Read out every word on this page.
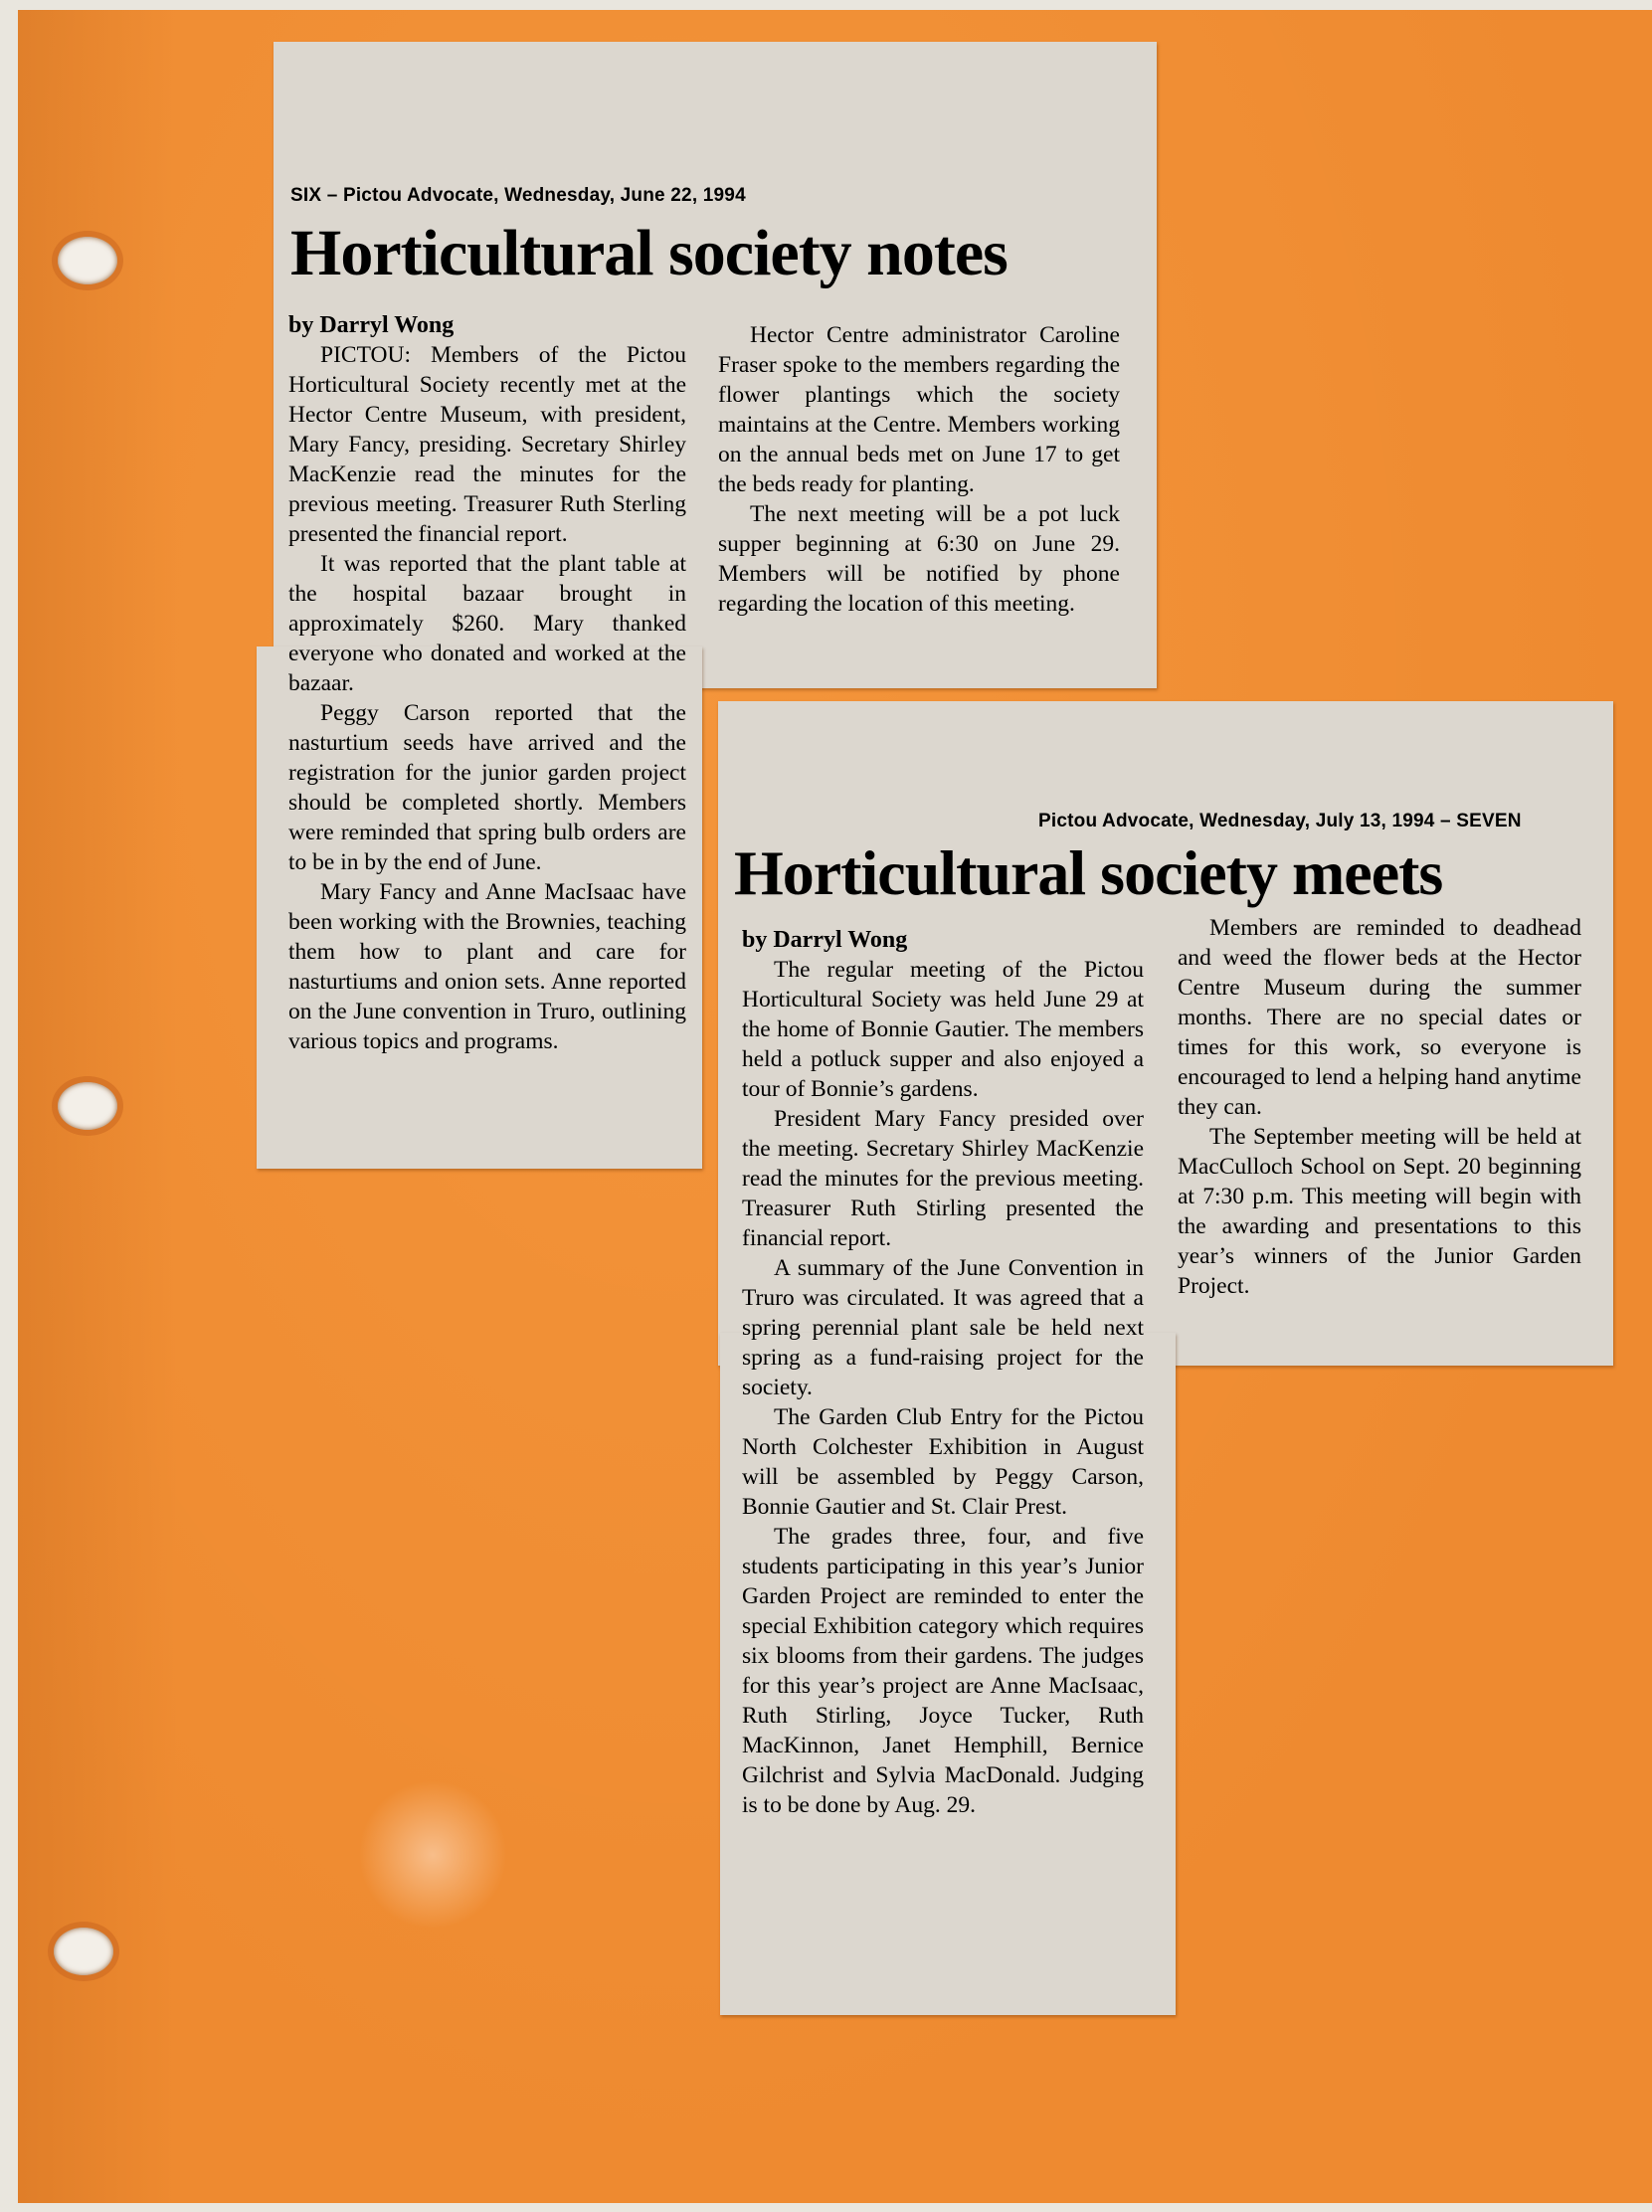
SIX – Pictou Advocate, Wednesday, June 22, 1994
Horticultural society notes

by Darryl Wong

PICTOU: Members of the Pictou Horticultural Society recently met at the Hector Centre Museum, with president, Mary Fancy, presiding. Secretary Shirley MacKenzie read the minutes for the previous meeting. Treasurer Ruth Sterling presented the financial report.

It was reported that the plant table at the hospital bazaar brought in approximately $260. Mary thanked everyone who donated and worked at the bazaar.

Peggy Carson reported that the nasturtium seeds have arrived and the registration for the junior garden project should be completed shortly. Members were reminded that spring bulb orders are to be in by the end of June.

Mary Fancy and Anne MacIsaac have been working with the Brownies, teaching them how to plant and care for nasturtiums and onion sets. Anne reported on the June convention in Truro, outlining various topics and programs.

Hector Centre administrator Caroline Fraser spoke to the members regarding the flower plantings which the society maintains at the Centre. Members working on the annual beds met on June 17 to get the beds ready for planting.

The next meeting will be a pot luck supper beginning at 6:30 on June 29. Members will be notified by phone regarding the location of this meeting.

Pictou Advocate, Wednesday, July 13, 1994 – SEVEN
Horticultural society meets

by Darryl Wong

The regular meeting of the Pictou Horticultural Society was held June 29 at the home of Bonnie Gautier. The members held a potluck supper and also enjoyed a tour of Bonnie’s gardens.

President Mary Fancy presided over the meeting. Secretary Shirley MacKenzie read the minutes for the previous meeting. Treasurer Ruth Stirling presented the financial report.

A summary of the June Convention in Truro was circulated. It was agreed that a spring perennial plant sale be held next spring as a fund-raising project for the society.

The Garden Club Entry for the Pictou North Colchester Exhibition in August will be assembled by Peggy Carson, Bonnie Gautier and St. Clair Prest.

The grades three, four, and five students participating in this year’s Junior Garden Project are reminded to enter the special Exhibition category which requires six blooms from their gardens. The judges for this year’s project are Anne MacIsaac, Ruth Stirling, Joyce Tucker, Ruth MacKinnon, Janet Hemphill, Bernice Gilchrist and Sylvia MacDonald. Judging is to be done by Aug. 29.

Members are reminded to deadhead and weed the flower beds at the Hector Centre Museum during the summer months. There are no special dates or times for this work, so everyone is encouraged to lend a helping hand anytime they can.

The September meeting will be held at MacCulloch School on Sept. 20 beginning at 7:30 p.m. This meeting will begin with the awarding and presentations to this year’s winners of the Junior Garden Project.
